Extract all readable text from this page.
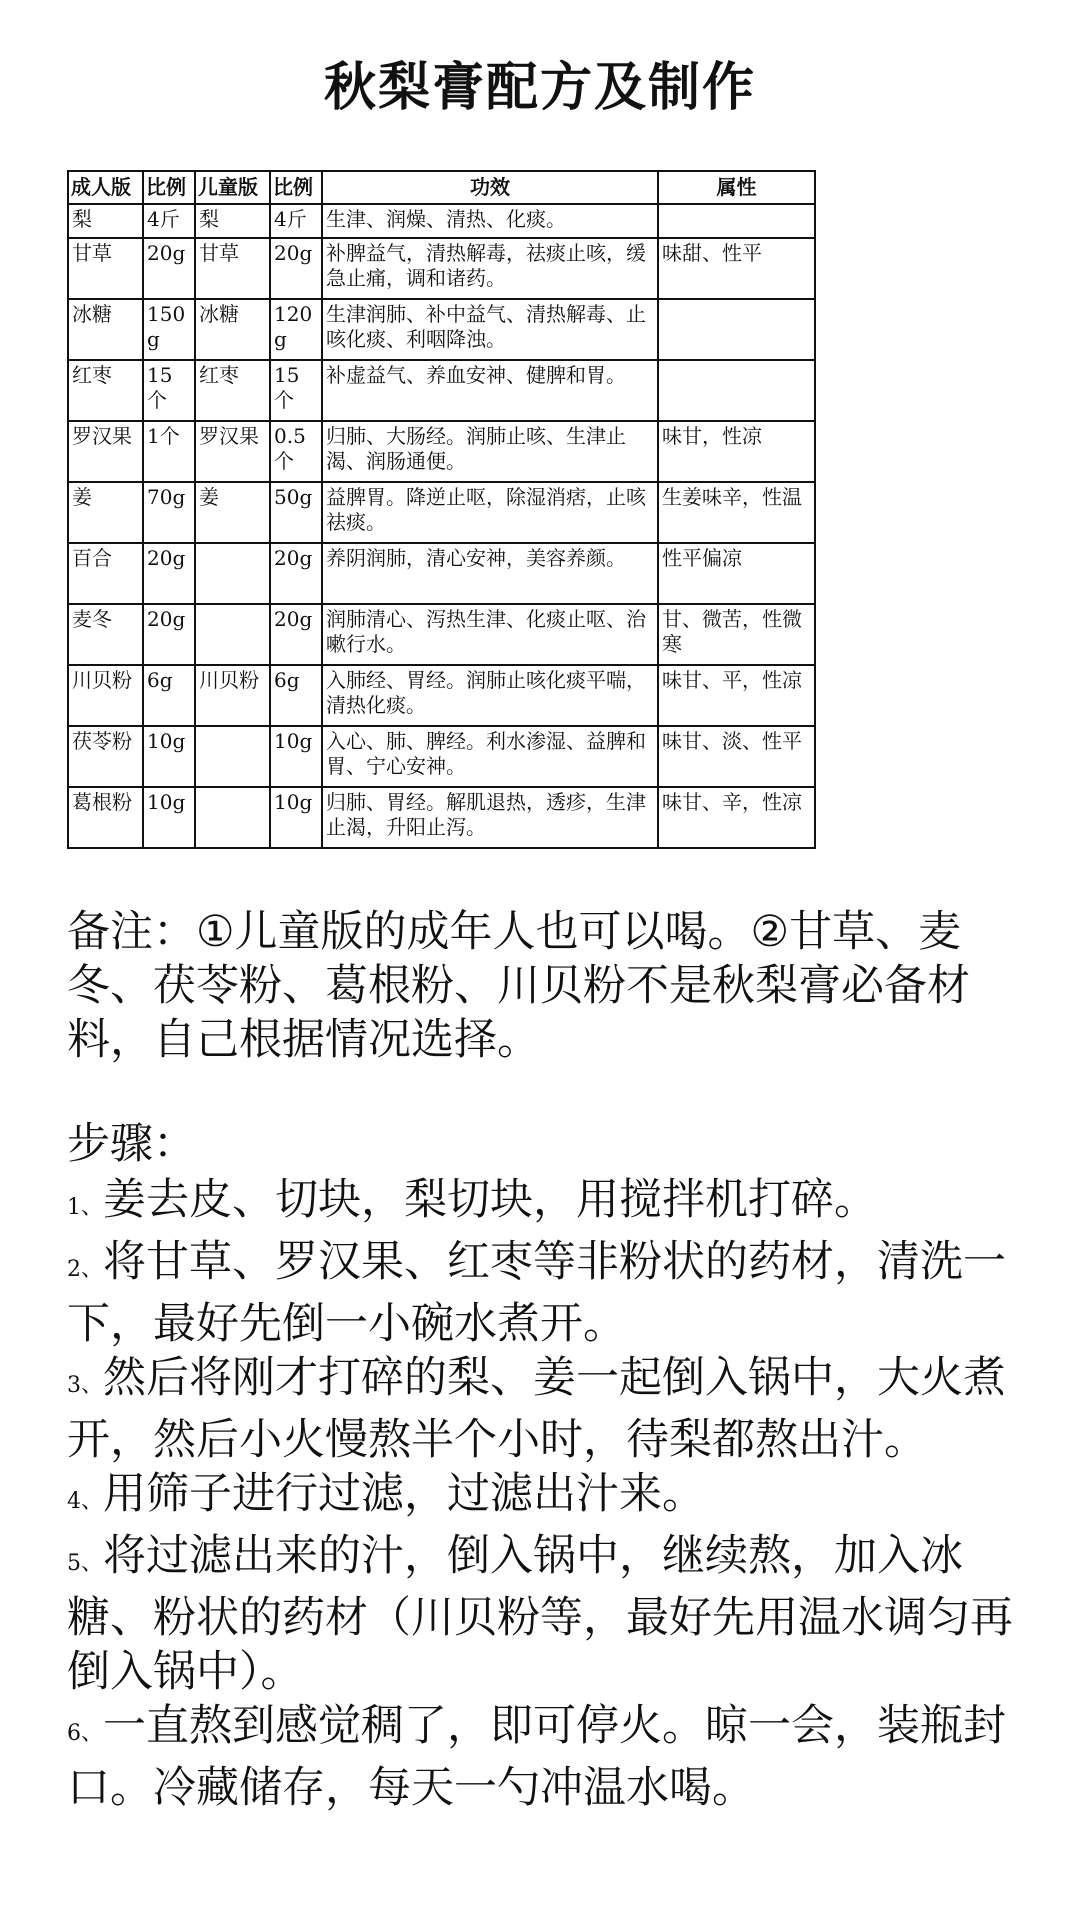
秋梨膏配方及制作
成人版	比例	儿童版	比例	功效	属性
梨	4斤	梨	4斤	生津、润燥、清热、化痰。	
甘草	20g	甘草	20g	补脾益气，清热解毒，祛痰止咳，缓急止痛，调和诸药。	味甜、性平
冰糖	150g	冰糖	120g	生津润肺、补中益气、清热解毒、止咳化痰、利咽降浊。	
红枣	15个	红枣	15个	补虚益气、养血安神、健脾和胃。	
罗汉果	1个	罗汉果	0.5个	归肺、大肠经。润肺止咳、生津止渴、润肠通便。	味甘，性凉
姜	70g	姜	50g	益脾胃。降逆止呕，除湿消痞，止咳祛痰。	生姜味辛，性温
百合	20g		20g	养阴润肺，清心安神，美容养颜。	性平偏凉
麦冬	20g		20g	润肺清心、泻热生津、化痰止呕、治嗽行水。	甘、微苦，性微寒
川贝粉	6g	川贝粉	6g	入肺经、胃经。润肺止咳化痰平喘，清热化痰。	味甘、平，性凉
茯苓粉	10g		10g	入心、肺、脾经。利水渗湿、益脾和胃、宁心安神。	味甘、淡、性平
葛根粉	10g		10g	归肺、胃经。解肌退热，透疹，生津止渴，升阳止泻。	味甘、辛，性凉

备注：①儿童版的成年人也可以喝。②甘草、麦冬、茯苓粉、葛根粉、川贝粉不是秋梨膏必备材料，自己根据情况选择。

步骤：

1、姜去皮、切块，梨切块，用搅拌机打碎。

2、将甘草、罗汉果、红枣等非粉状的药材，清洗一下，最好先倒一小碗水煮开。

3、然后将刚才打碎的梨、姜一起倒入锅中，大火煮开，然后小火慢熬半个小时，待梨都熬出汁。

4、用筛子进行过滤，过滤出汁来。

5、将过滤出来的汁，倒入锅中，继续熬，加入冰糖、粉状的药材（川贝粉等，最好先用温水调匀再倒入锅中）。

6、一直熬到感觉稠了，即可停火。晾一会，装瓶封口。冷藏储存，每天一勺冲温水喝。
